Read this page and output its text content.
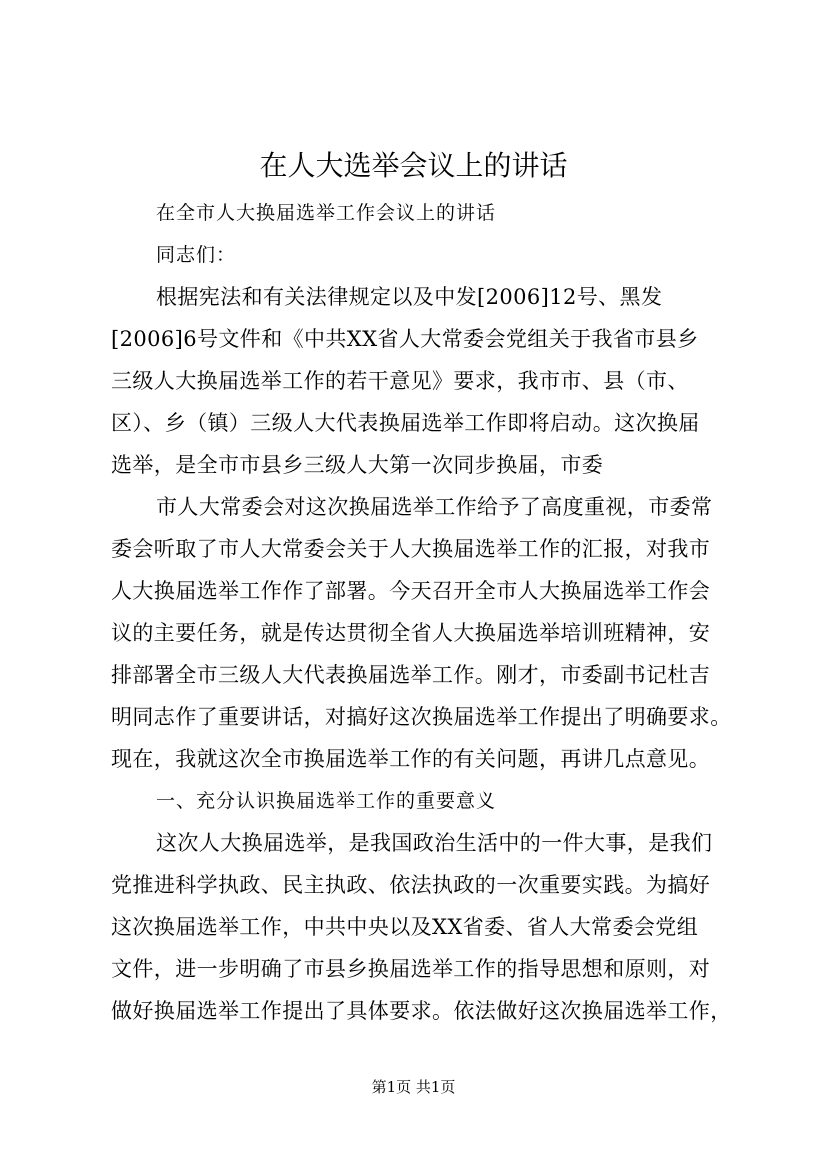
在人大选举会议上的讲话
在全市人大换届选举工作会议上的讲话
同志们：
根据宪法和有关法律规定以及中发[2006]12号、黑发
[2006]6号文件和《中共XX省人大常委会党组关于我省市县乡
三级人大换届选举工作的若干意见》要求，我市市、县（市、
区）、乡（镇）三级人大代表换届选举工作即将启动。这次换届
选举，是全市市县乡三级人大第一次同步换届，市委
市人大常委会对这次换届选举工作给予了高度重视，市委常
委会听取了市人大常委会关于人大换届选举工作的汇报，对我市
人大换届选举工作作了部署。今天召开全市人大换届选举工作会
议的主要任务，就是传达贯彻全省人大换届选举培训班精神，安
排部署全市三级人大代表换届选举工作。刚才，市委副书记杜吉
明同志作了重要讲话，对搞好这次换届选举工作提出了明确要求。
现在，我就这次全市换届选举工作的有关问题，再讲几点意见。
一、充分认识换届选举工作的重要意义
这次人大换届选举，是我国政治生活中的一件大事，是我们
党推进科学执政、民主执政、依法执政的一次重要实践。为搞好
这次换届选举工作，中共中央以及XX省委、省人大常委会党组
文件，进一步明确了市县乡换届选举工作的指导思想和原则，对
做好换届选举工作提出了具体要求。依法做好这次换届选举工作，
第1页 共1页
